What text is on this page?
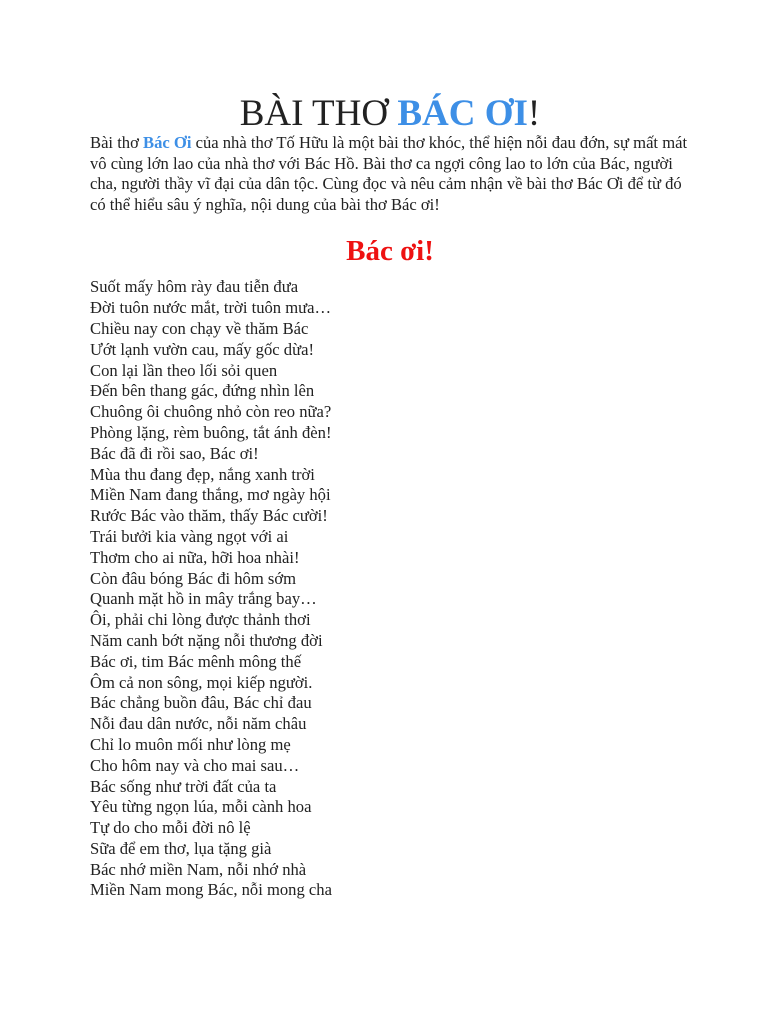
BÀI THƠ BÁC ƠI!

Bài thơ Bác Ơi của nhà thơ Tố Hữu là một bài thơ khóc, thể hiện nỗi đau đớn, sự mất mát vô cùng lớn lao của nhà thơ với Bác Hồ. Bài thơ ca ngợi công lao to lớn của Bác, người cha, người thầy vĩ đại của dân tộc. Cùng đọc và nêu cảm nhận về bài thơ Bác Ơi để từ đó có thể hiểu sâu ý nghĩa, nội dung của bài thơ Bác ơi!

Bác ơi!
Suốt mấy hôm rày đau tiễn đưa
Đời tuôn nước mắt, trời tuôn mưa…
Chiều nay con chạy về thăm Bác
Ướt lạnh vườn cau, mấy gốc dừa!
Con lại lần theo lối sỏi quen
Đến bên thang gác, đứng nhìn lên
Chuông ôi chuông nhỏ còn reo nữa?
Phòng lặng, rèm buông, tắt ánh đèn!
Bác đã đi rồi sao, Bác ơi!
Mùa thu đang đẹp, nắng xanh trời
Miền Nam đang thắng, mơ ngày hội
Rước Bác vào thăm, thấy Bác cười!
Trái bưởi kia vàng ngọt với ai
Thơm cho ai nữa, hỡi hoa nhài!
Còn đâu bóng Bác đi hôm sớm
Quanh mặt hồ in mây trắng bay…
Ôi, phải chi lòng được thảnh thơi
Năm canh bớt nặng nỗi thương đời
Bác ơi, tim Bác mênh mông thế
Ôm cả non sông, mọi kiếp người.
Bác chẳng buồn đâu, Bác chỉ đau
Nỗi đau dân nước, nỗi năm châu
Chỉ lo muôn mối như lòng mẹ
Cho hôm nay và cho mai sau…
Bác sống như trời đất của ta
Yêu từng ngọn lúa, mỗi cành hoa
Tự do cho mỗi đời nô lệ
Sữa để em thơ, lụa tặng già
Bác nhớ miền Nam, nỗi nhớ nhà
Miền Nam mong Bác, nỗi mong cha
